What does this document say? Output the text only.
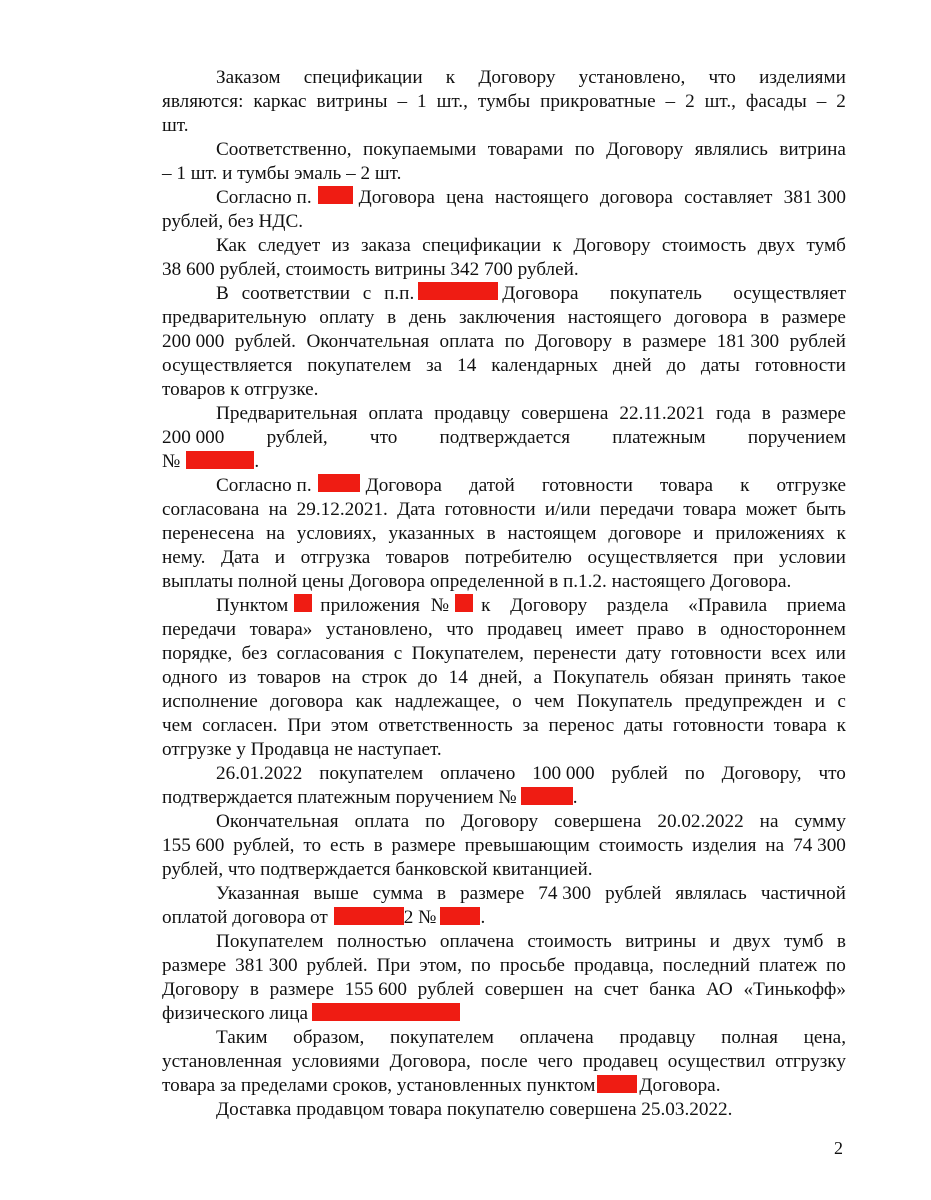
Заказом спецификации к Договору установлено, что изделиями
являются: каркас витрины – 1 шт., тумбы прикроватные – 2 шт., фасады – 2
шт.
Соответственно, покупаемыми товарами по Договору являлись витрина
– 1 шт. и тумбы эмаль – 2 шт.
Согласно п. Договора цена настоящего договора составляет 381 300
рублей, без НДС.
Как следует из заказа спецификации к Договору стоимость двух тумб
38 600 рублей, стоимость витрины 342 700 рублей.
В соответствии с п.п.	Договора покупатель осуществляет
предварительную оплату в день заключения настоящего договора в размере
200 000 рублей. Окончательная оплата по Договору в размере 181 300 рублей
осуществляется покупателем за 14 календарных дней до даты готовности
товаров к отгрузке.
Предварительная оплата продавцу совершена 22.11.2021 года в размере
200 000 рублей, что подтверждается платежным поручением
№	.
Согласно п.	Договора датой готовности товара к отгрузке
согласована на 29.12.2021. Дата готовности и/или передачи товара может быть
перенесена на условиях, указанных в настоящем договоре и приложениях к
нему. Дата и отгрузка товаров потребителю осуществляется при условии
выплаты полной цены Договора определенной в п.1.2. настоящего Договора.
Пунктом приложения № к Договору раздела «Правила приема
передачи товара» установлено, что продавец имеет право в одностороннем
порядке, без согласования с Покупателем, перенести дату готовности всех или
одного из товаров на строк до 14 дней, а Покупатель обязан принять такое
исполнение договора как надлежащее, о чем Покупатель предупрежден и с
чем согласен. При этом ответственность за перенос даты готовности товара к
отгрузке у Продавца не наступает.
26.01.2022 покупателем оплачено 100 000 рублей по Договору, что
подтверждается платежным поручением №	.
Окончательная оплата по Договору совершена 20.02.2022 на сумму
155 600 рублей, то есть в размере превышающим стоимость изделия на 74 300
рублей, что подтверждается банковской квитанцией.
Указанная выше сумма в размере 74 300 рублей являлась частичной
оплатой договора от	2 № .
Покупателем полностью оплачена стоимость витрины и двух тумб в
размере 381 300 рублей. При этом, по просьбе продавца, последний платеж по
Договору в размере 155 600 рублей совершен на счет банка АО «Тинькофф»
физического лица
Таким образом, покупателем оплачена продавцу полная цена,
установленная условиями Договора, после чего продавец осуществил отгрузку
товара за пределами сроков, установленных пунктом Договора.
Доставка продавцом товара покупателю совершена 25.03.2022.
2
